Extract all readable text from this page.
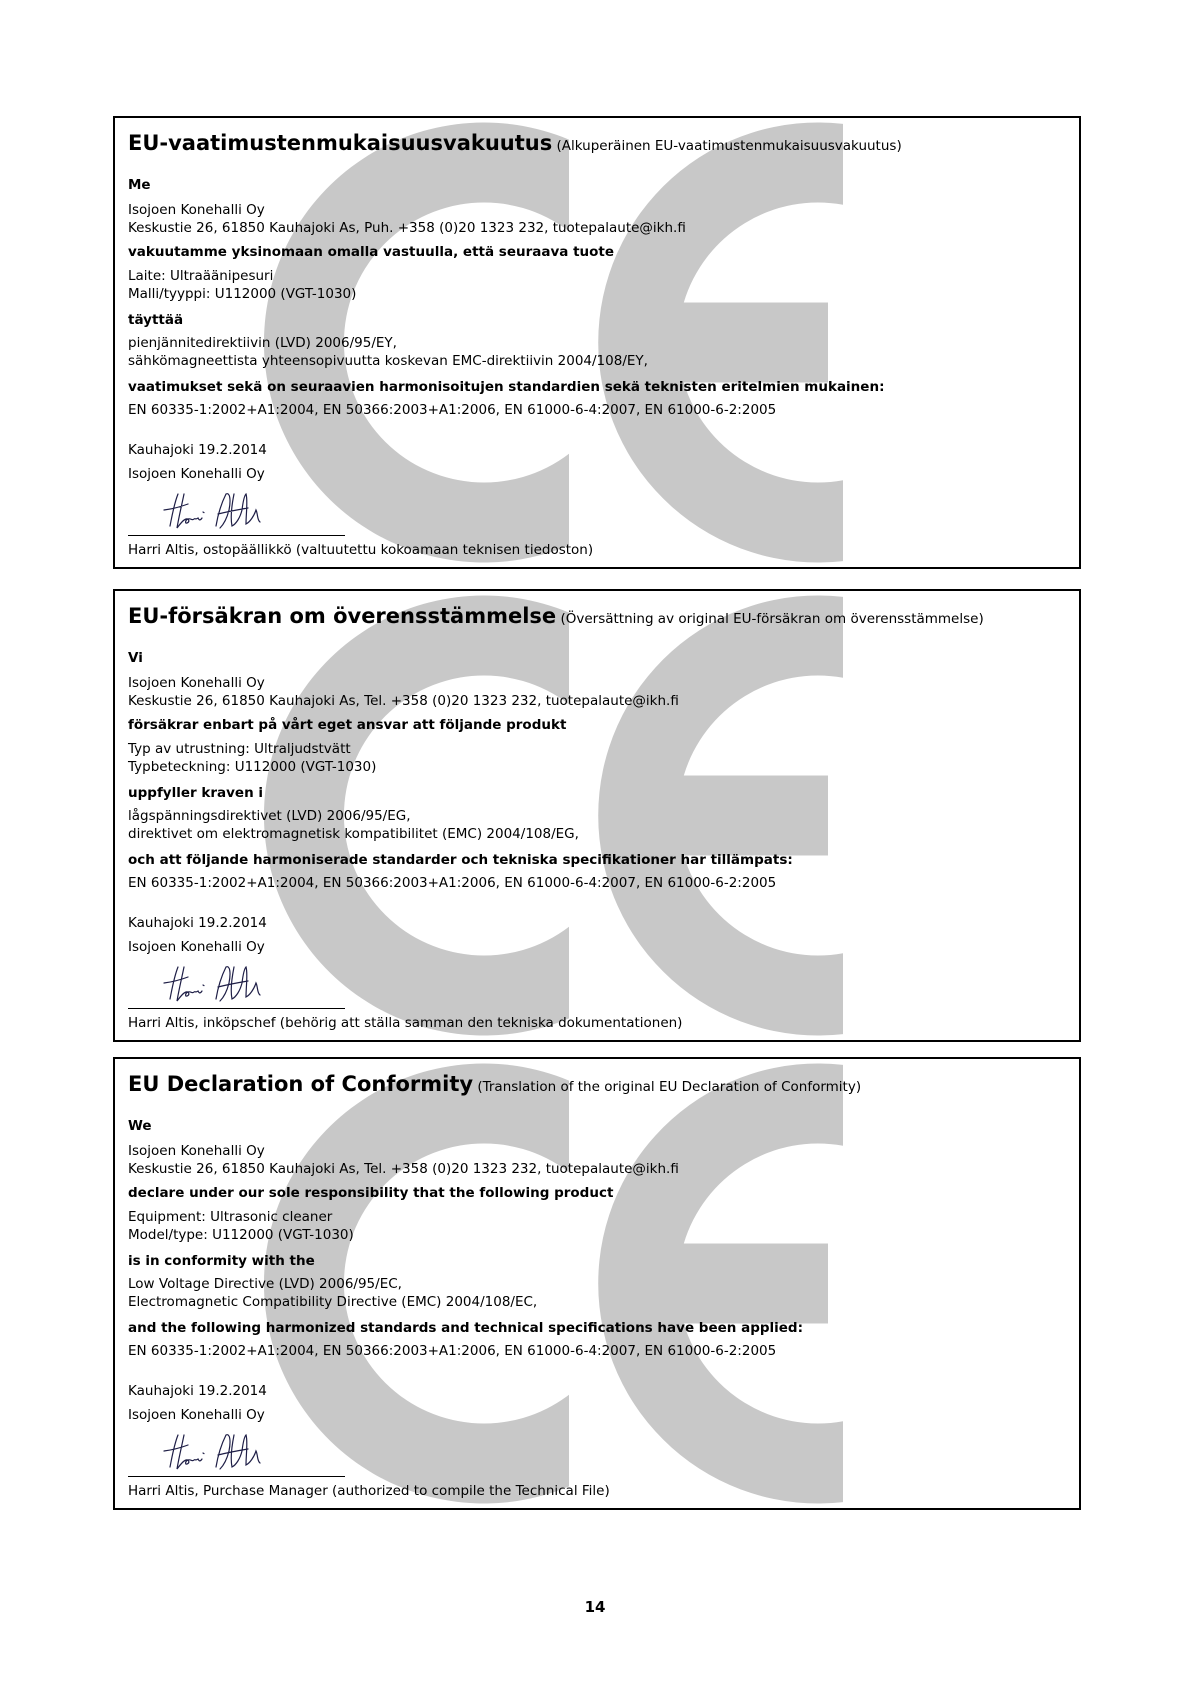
EU-vaatimustenmukaisuusvakuutus (Alkuperäinen EU-vaatimustenmukaisuusvakuutus)
Me
Isojoen Konehalli Oy
Keskustie 26, 61850 Kauhajoki As, Puh. +358 (0)20 1323 232, tuotepalaute@ikh.fi
vakuutamme yksinomaan omalla vastuulla, että seuraava tuote
Laite: Ultraäänipesuri
Malli/tyyppi: U112000 (VGT-1030)
täyttää
pienjännitedirektiivin (LVD) 2006/95/EY,
sähkömagneettista yhteensopivuutta koskevan EMC-direktiivin 2004/108/EY,
vaatimukset sekä on seuraavien harmonisoitujen standardien sekä teknisten eritelmien mukainen:
EN 60335-1:2002+A1:2004, EN 50366:2003+A1:2006, EN 61000-6-4:2007, EN 61000-6-2:2005
Kauhajoki 19.2.2014
Isojoen Konehalli Oy
Harri Altis, ostopäällikkö (valtuutettu kokoamaan teknisen tiedoston)
EU-försäkran om överensstämmelse (Översättning av original EU-försäkran om överensstämmelse)
Vi
Isojoen Konehalli Oy
Keskustie 26, 61850 Kauhajoki As, Tel. +358 (0)20 1323 232, tuotepalaute@ikh.fi
försäkrar enbart på vårt eget ansvar att följande produkt
Typ av utrustning: Ultraljudstvätt
Typbeteckning: U112000 (VGT-1030)
uppfyller kraven i
lågspänningsdirektivet (LVD) 2006/95/EG,
direktivet om elektromagnetisk kompatibilitet (EMC) 2004/108/EG,
och att följande harmoniserade standarder och tekniska specifikationer har tillämpats:
EN 60335-1:2002+A1:2004, EN 50366:2003+A1:2006, EN 61000-6-4:2007, EN 61000-6-2:2005
Kauhajoki 19.2.2014
Isojoen Konehalli Oy
Harri Altis, inköpschef (behörig att ställa samman den tekniska dokumentationen)
EU Declaration of Conformity (Translation of the original EU Declaration of Conformity)
We
Isojoen Konehalli Oy
Keskustie 26, 61850 Kauhajoki As, Tel. +358 (0)20 1323 232, tuotepalaute@ikh.fi
declare under our sole responsibility that the following product
Equipment: Ultrasonic cleaner
Model/type: U112000 (VGT-1030)
is in conformity with the
Low Voltage Directive (LVD) 2006/95/EC,
Electromagnetic Compatibility Directive (EMC) 2004/108/EC,
and the following harmonized standards and technical specifications have been applied:
EN 60335-1:2002+A1:2004, EN 50366:2003+A1:2006, EN 61000-6-4:2007, EN 61000-6-2:2005
Kauhajoki 19.2.2014
Isojoen Konehalli Oy
Harri Altis, Purchase Manager (authorized to compile the Technical File)
14
